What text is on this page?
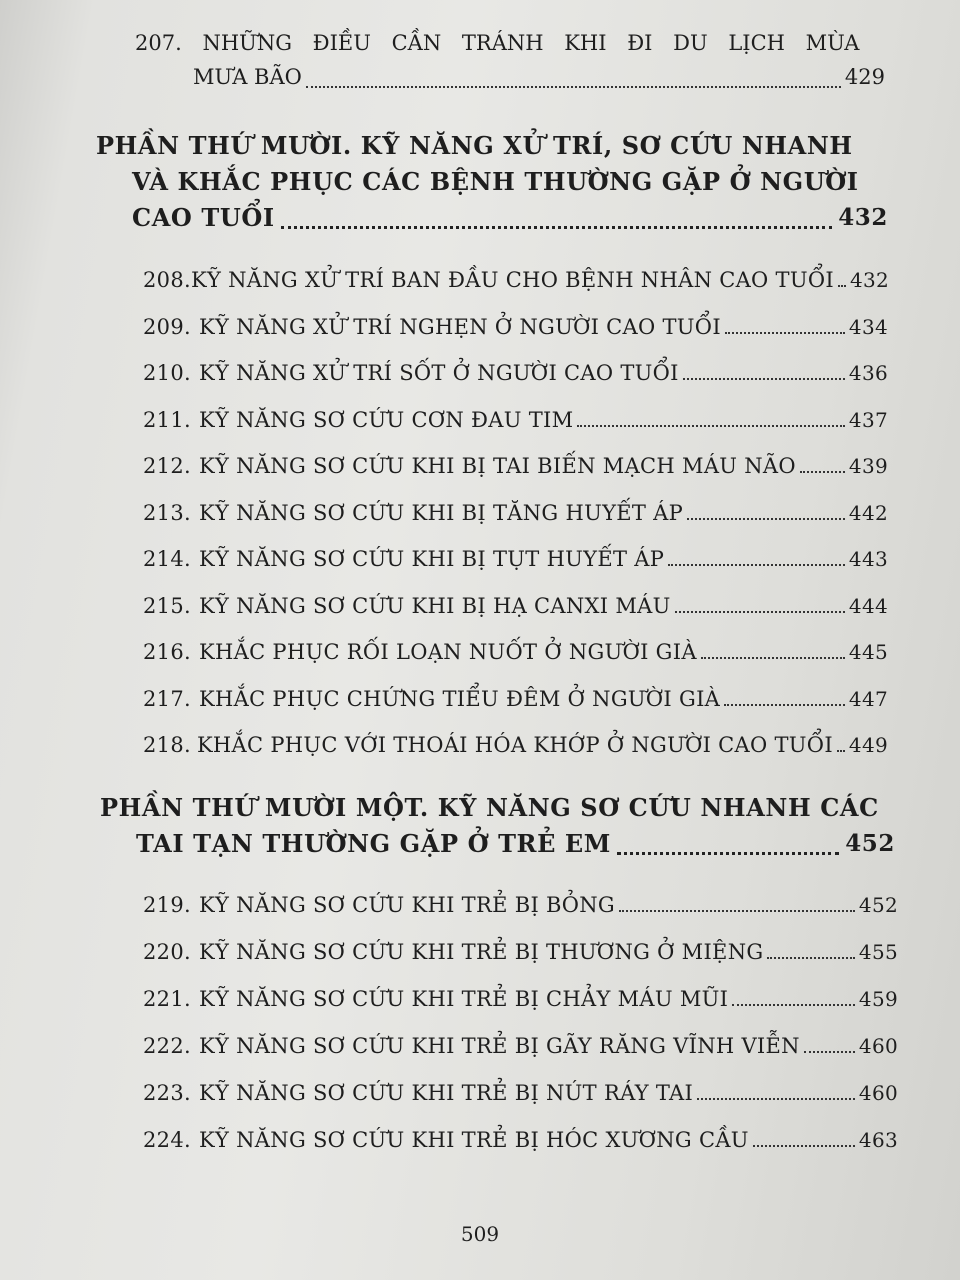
207. NHỮNG ĐIỀU CẦN TRÁNH KHI ĐI DU LỊCH MÙA
MƯA BÃO	429
PHẦN THỨ MƯỜI. KỸ NĂNG XỬ TRÍ, SƠ CỨU NHANH
VÀ KHẮC PHỤC CÁC BỆNH THƯỜNG GẶP Ở NGƯỜI
CAO TUỔI	432
208. KỸ NĂNG XỬ TRÍ BAN ĐẦU CHO BỆNH NHÂN CAO TUỔI 432
209. KỸ NĂNG XỬ TRÍ NGHẸN Ở NGƯỜI CAO TUỔI	434
210. KỸ NĂNG XỬ TRÍ SỐT Ở NGƯỜI CAO TUỔI	436
211. KỸ NĂNG SƠ CỨU CƠN ĐAU TIM	437
212. KỸ NĂNG SƠ CỨU KHI BỊ TAI BIẾN MẠCH MÁU NÃO	439
213. KỸ NĂNG SƠ CỨU KHI BỊ TĂNG HUYẾT ÁP	442
214. KỸ NĂNG SƠ CỨU KHI BỊ TỤT HUYẾT ÁP	443
215. KỸ NĂNG SƠ CỨU KHI BỊ HẠ CANXI MÁU	444
216. KHẮC PHỤC RỐI LOẠN NUỐT Ở NGƯỜI GIÀ	445
217. KHẮC PHỤC CHỨNG TIỂU ĐÊM Ở NGƯỜI GIÀ	447
218. KHẮC PHỤC VỚI THOÁI HÓA KHỚP Ở NGƯỜI CAO TUỔI 449
PHẦN THỨ MƯỜI MỘT. KỸ NĂNG SƠ CỨU NHANH CÁC
TAI TẠN THƯỜNG GẶP Ở TRẺ EM	452
219. KỸ NĂNG SƠ CỨU KHI TRẺ BỊ BỎNG	452
220. KỸ NĂNG SƠ CỨU KHI TRẺ BỊ THƯƠNG Ở MIỆNG	455
221. KỸ NĂNG SƠ CỨU KHI TRẺ BỊ CHẢY MÁU MŨI	459
222. KỸ NĂNG SƠ CỨU KHI TRẺ BỊ GÃY RĂNG VĨNH VIỄN	460
223. KỸ NĂNG SƠ CỨU KHI TRẺ BỊ NÚT RÁY TAI	460
224. KỸ NĂNG SƠ CỨU KHI TRẺ BỊ HÓC XƯƠNG CẦU	463
509
